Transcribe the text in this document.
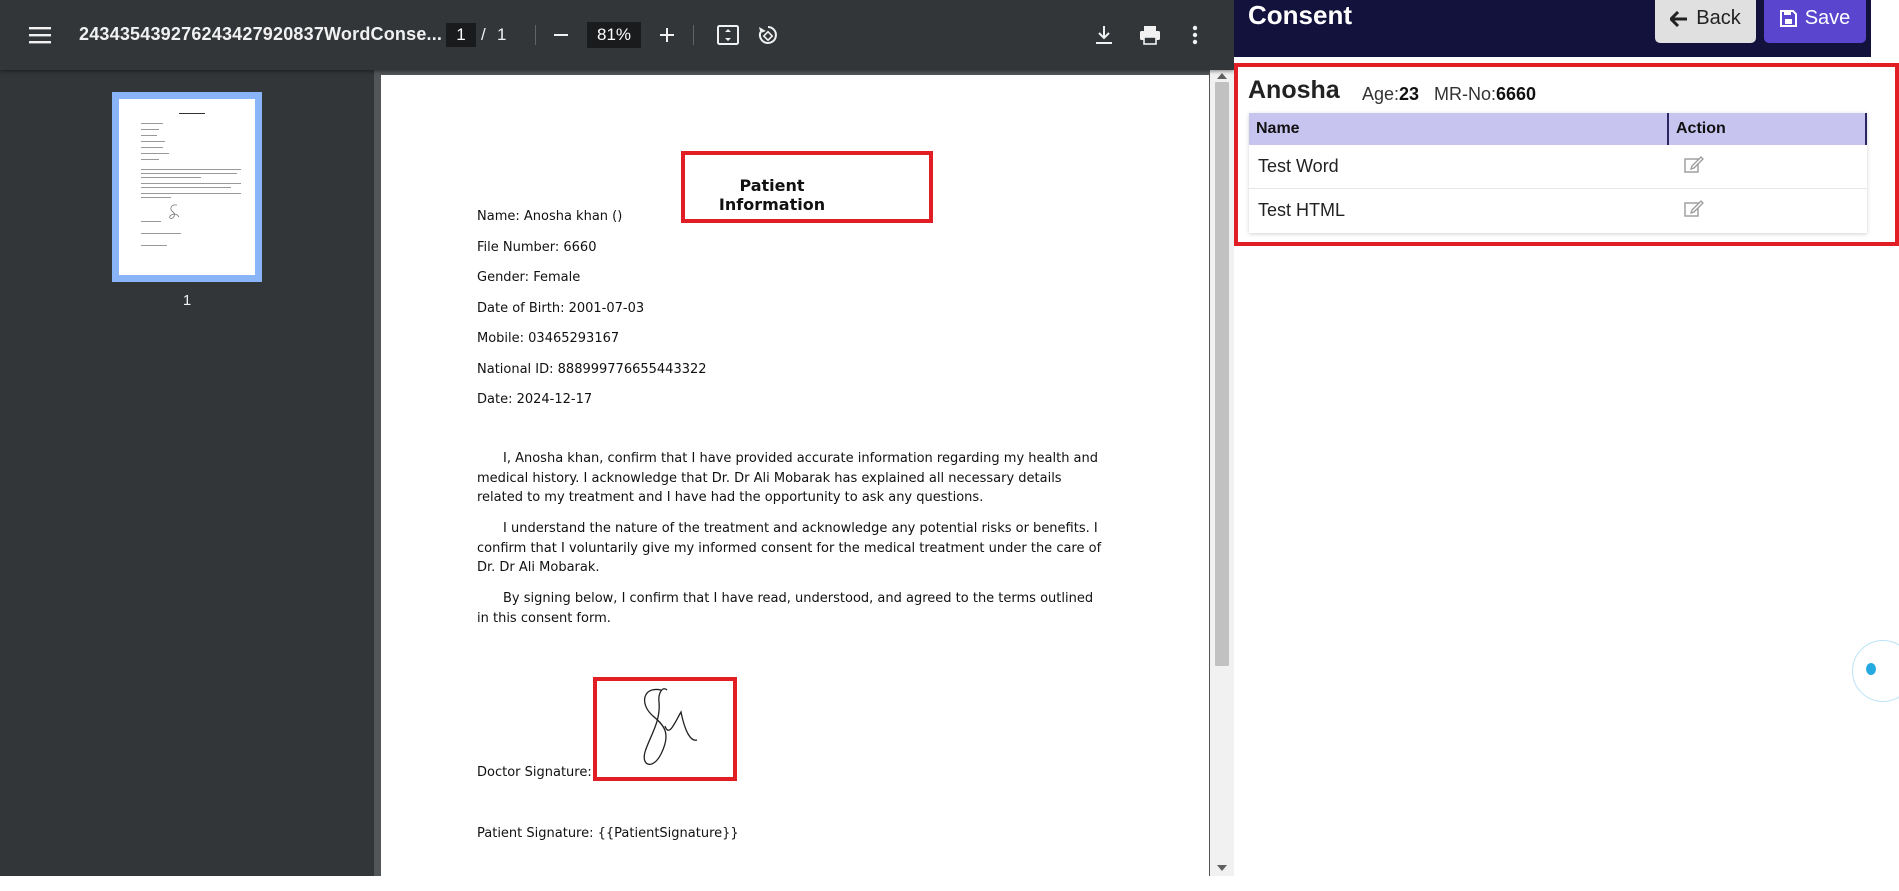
24343543927624342792083​7WordConse... 1 / 1	81%
1
Patient Information
Name: Anosha khan ()
File Number: 6660
Gender: Female
Date of Birth: 2001-07-03
Mobile: 03465293167
National ID: 888999776655443322
Date: 2024-12-17
I, Anosha khan, confirm that I have provided accurate information regarding my health and medical history. I acknowledge that Dr. Dr Ali Mobarak has explained all necessary details related to my treatment and I have had the opportunity to ask any questions.
I understand the nature of the treatment and acknowledge any potential risks or benefits. I confirm that I voluntarily give my informed consent for the medical treatment under the care of Dr. Dr Ali Mobarak.
By signing below, I confirm that I have read, understood, and agreed to the terms outlined in this consent form.
Doctor Signature:
Patient Signature: {{PatientSignature}}
Consent	Back	Save
Anosha Age:23 MR-No:6660
Name	Action
Test Word
Test HTML
